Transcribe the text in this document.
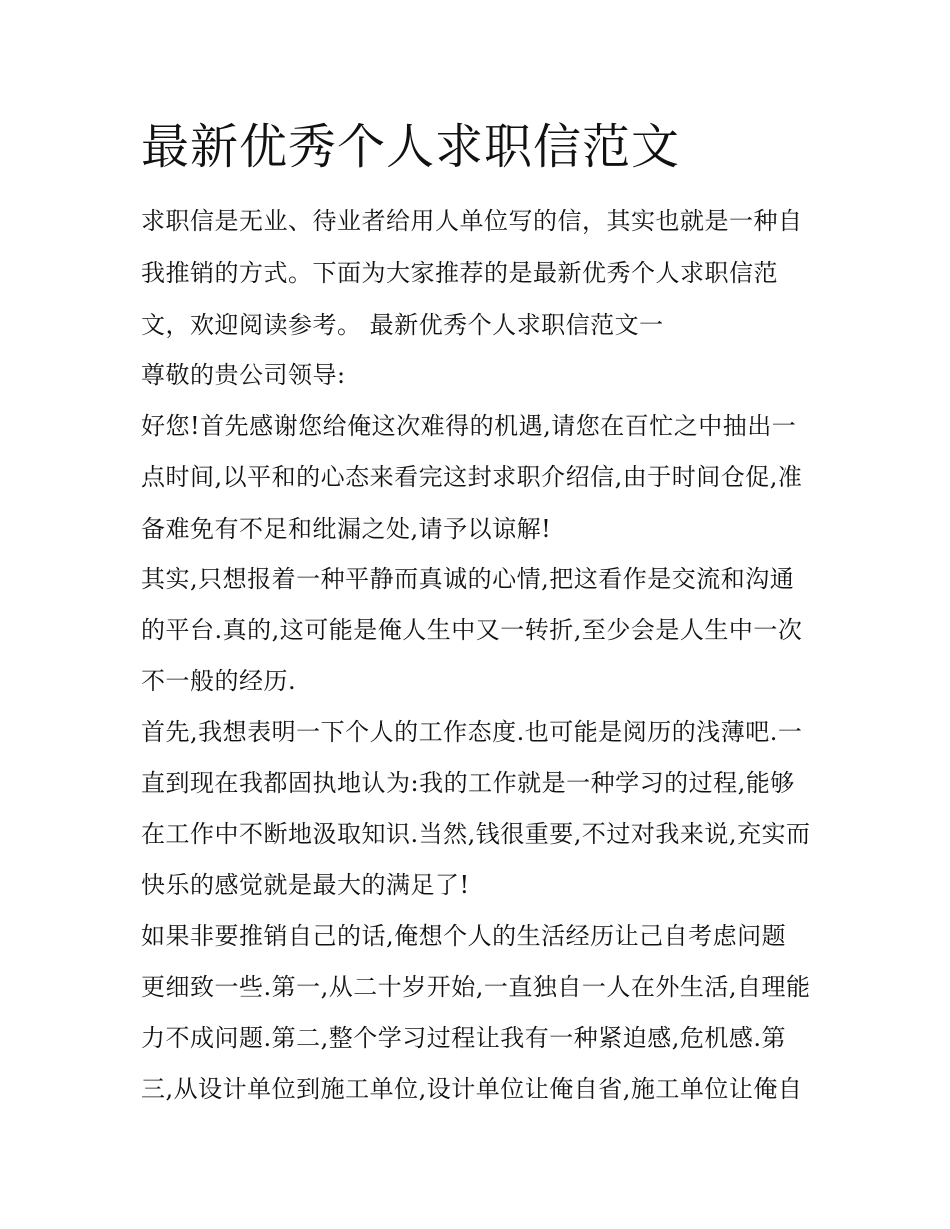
最新优秀个人求职信范文

求职信是无业、待业者给用人单位写的信，其实也就是一种自

我推销的方式。下面为大家推荐的是最新优秀个人求职信范

文，欢迎阅读参考。 最新优秀个人求职信范文一

尊敬的贵公司领导:

好您!首先感谢您给俺这次难得的机遇,请您在百忙之中抽出一

点时间,以平和的心态来看完这封求职介绍信,由于时间仓促,准

备难免有不足和纰漏之处,请予以谅解!

其实,只想报着一种平静而真诚的心情,把这看作是交流和沟通

的平台.真的,这可能是俺人生中又一转折,至少会是人生中一次

不一般的经历.

首先,我想表明一下个人的工作态度.也可能是阅历的浅薄吧.一

直到现在我都固执地认为:我的工作就是一种学习的过程,能够

在工作中不断地汲取知识.当然,钱很重要,不过对我来说,充实而

快乐的感觉就是最大的满足了!

如果非要推销自己的话,俺想个人的生活经历让己自考虑问题

更细致一些.第一,从二十岁开始,一直独自一人在外生活,自理能

力不成问题.第二,整个学习过程让我有一种紧迫感,危机感.第

三,从设计单位到施工单位,设计单位让俺自省,施工单位让俺自
